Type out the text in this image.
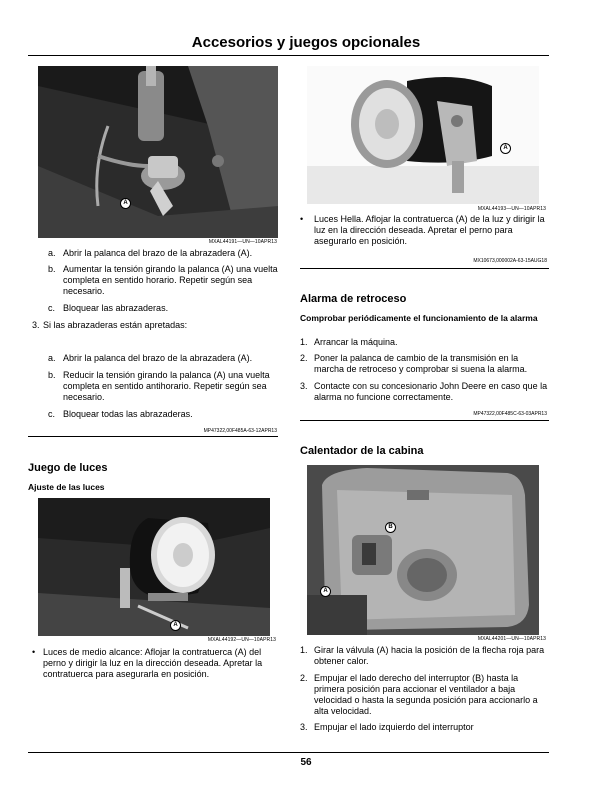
Accesorios y juegos opcionales
A
MXAL44191—UN—10APR13
a. Abrir la palanca del brazo de la abrazadera (A).
b. Aumentar la tensión girando la palanca (A) una vuelta completa en sentido horario. Repetir según sea necesario.
c. Bloquear las abrazaderas.
3. Si las abrazaderas están apretadas:
a. Abrir la palanca del brazo de la abrazadera (A).
b. Reducir la tensión girando la palanca (A) una vuelta completa en sentido antihorario. Repetir según sea necesario.
c. Bloquear todas las abrazaderas.
MP47322,00F485A-63-12APR13
Juego de luces
Ajuste de las luces
A
MXAL44192—UN—10APR13
• Luces de medio alcance: Aflojar la contratuerca (A) del perno y dirigir la luz en la dirección deseada. Apretar la contratuerca para asegurarla en posición.
A
MXAL44193—UN—10APR13
• Luces Hella. Aflojar la contratuerca (A) de la luz y dirigir la luz en la dirección deseada. Apretar el perno para asegurarlo en posición.
MX10673,000002A-63-15AUG18
Alarma de retroceso
Comprobar periódicamente el funcionamiento de la alarma
1. Arrancar la máquina.
2. Poner la palanca de cambio de la transmisión en la marcha de retroceso y comprobar si suena la alarma.
3. Contacte con su concesionario John Deere en caso que la alarma no funcione correctamente.
MP47322,00F485C-63-03APR13
Calentador de la cabina
B
A
MXAL44201—UN—10APR13
1. Girar la válvula (A) hacia la posición de la flecha roja para obtener calor.
2. Empujar el lado derecho del interruptor (B) hasta la primera posición para accionar el ventilador a baja velocidad o hasta la segunda posición para accionarlo a alta velocidad.
3. Empujar el lado izquierdo del interruptor
56
